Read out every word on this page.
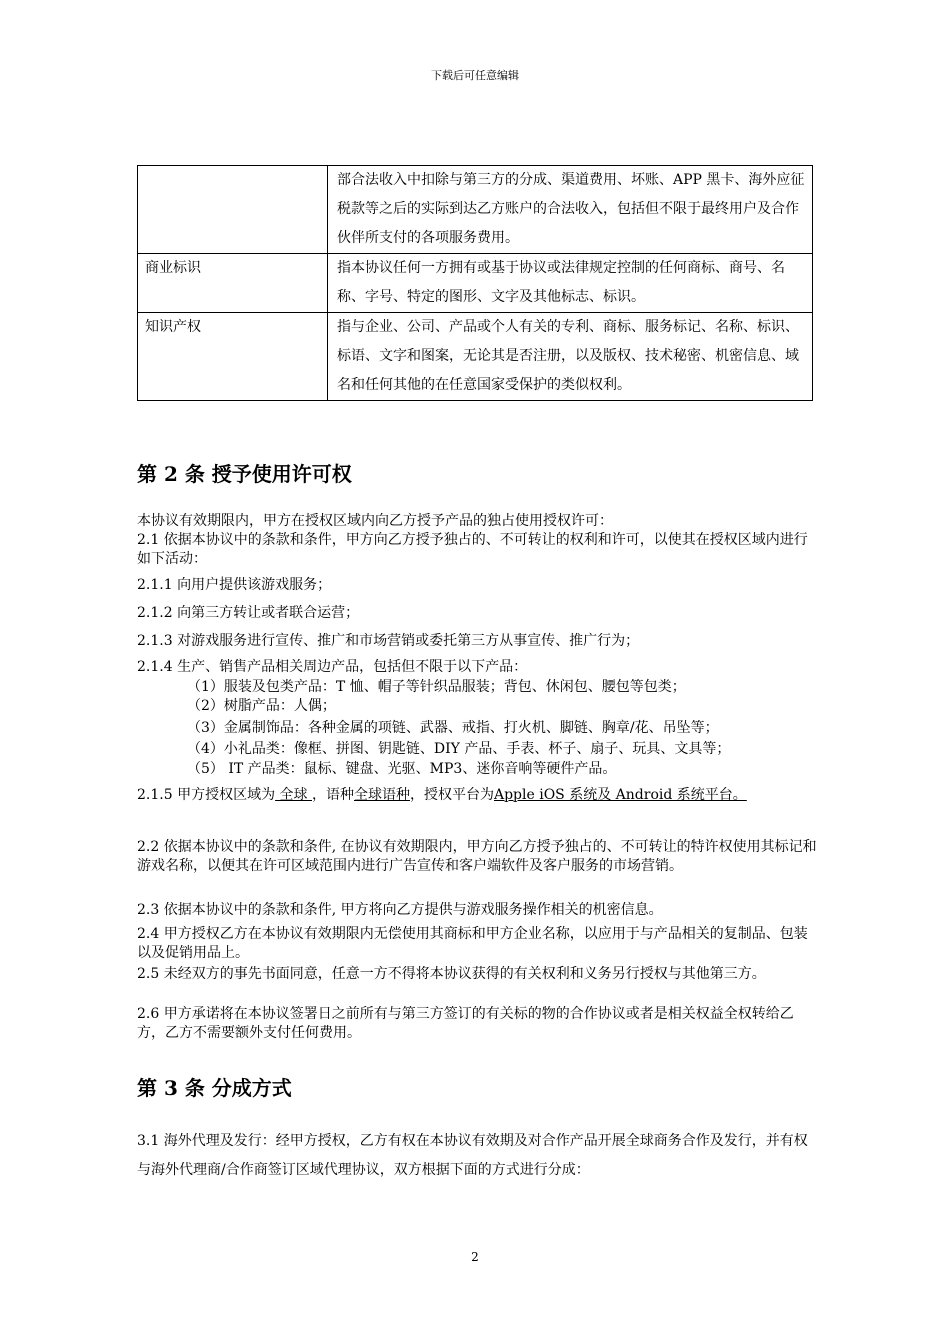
下载后可任意编辑
	部合法收入中扣除与第三方的分成、渠道费用、坏账、APP 黑卡、海外应征税款等之后的实际到达乙方账户的合法收入，包括但不限于最终用户及合作伙伴所支付的各项服务费用。
商业标识	指本协议任何一方拥有或基于协议或法律规定控制的任何商标、商号、名称、字号、特定的图形、文字及其他标志、标识。
知识产权	指与企业、公司、产品或个人有关的专利、商标、服务标记、名称、标识、标语、文字和图案，无论其是否注册，以及版权、技术秘密、机密信息、域名和任何其他的在任意国家受保护的类似权利。
第 2 条 授予使用许可权
本协议有效期限内，甲方在授权区域内向乙方授予产品的独占使用授权许可：
2.1 依据本协议中的条款和条件，甲方向乙方授予独占的、不可转让的权利和许可，以使其在授权区域内进行如下活动：
2.1.1 向用户提供该游戏服务；
2.1.2 向第三方转让或者联合运营；
2.1.3 对游戏服务进行宣传、推广和市场营销或委托第三方从事宣传、推广行为；
2.1.4 生产、销售产品相关周边产品，包括但不限于以下产品：
（1）服装及包类产品：T 恤、帽子等针织品服装；背包、休闲包、腰包等包类；
（2）树脂产品：人偶；
（3）金属制饰品：各种金属的项链、武器、戒指、打火机、脚链、胸章/花、吊坠等；
（4）小礼品类：像框、拼图、钥匙链、DIY 产品、手表、杯子、扇子、玩具、文具等；
（5） IT 产品类：鼠标、键盘、光驱、MP3、迷你音响等硬件产品。
2.1.5 甲方授权区域为 全球 ，语种全球语种，授权平台为Apple iOS 系统及 Android 系统平台。
2.2 依据本协议中的条款和条件, 在协议有效期限内，甲方向乙方授予独占的、不可转让的特许权使用其标记和游戏名称，以便其在许可区域范围内进行广告宣传和客户端软件及客户服务的市场营销。
2.3 依据本协议中的条款和条件, 甲方将向乙方提供与游戏服务操作相关的机密信息。
2.4 甲方授权乙方在本协议有效期限内无偿使用其商标和甲方企业名称，以应用于与产品相关的复制品、包装以及促销用品上。
2.5 未经双方的事先书面同意，任意一方不得将本协议获得的有关权利和义务另行授权与其他第三方。
2.6 甲方承诺将在本协议签署日之前所有与第三方签订的有关标的物的合作协议或者是相关权益全权转给乙方，乙方不需要额外支付任何费用。
第 3 条 分成方式
3.1 海外代理及发行：经甲方授权，乙方有权在本协议有效期及对合作产品开展全球商务合作及发行，并有权与海外代理商/合作商签订区域代理协议，双方根据下面的方式进行分成：
2
